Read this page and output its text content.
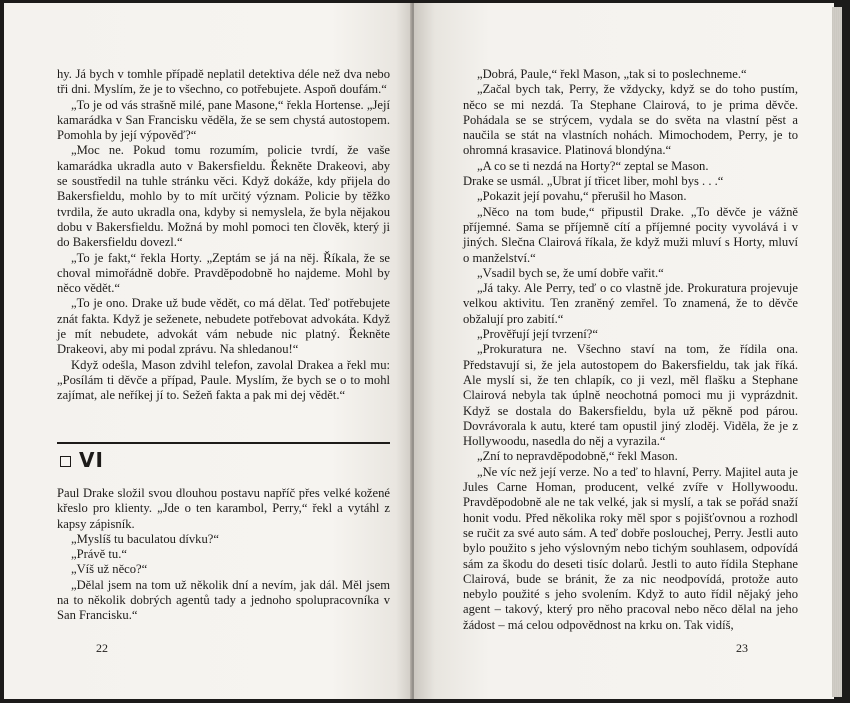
hy. Já bych v tomhle případě neplatil detektiva déle než dva nebo tři dni. Myslím, že je to všechno, co potřebujete. Aspoň doufám.“

„To je od vás strašně milé, pane Masone,“ řekla Hortense. „Její kamarádka v San Francisku věděla, že se sem chystá autostopem. Pomohla by její výpověď?“

„Moc ne. Pokud tomu rozumím, policie tvrdí, že vaše kamarádka ukradla auto v Bakersfieldu. Řekněte Drakeovi, aby se soustředil na tuhle stránku věci. Když dokáže, kdy přijela do Bakersfieldu, mohlo by to mít určitý význam. Policie by těžko tvrdila, že auto ukradla ona, kdyby si nemyslela, že byla nějakou dobu v Bakersfieldu. Možná by mohl pomoci ten člověk, který ji do Bakersfieldu dovezl.“

„To je fakt,“ řekla Horty. „Zeptám se já na něj. Říkala, že se choval mimořádně dobře. Pravděpodobně ho najdeme. Mohl by něco vědět.“

„To je ono. Drake už bude vědět, co má dělat. Teď potřebujete znát fakta. Když je seženete, nebudete potřebovat advokáta. Když je mít nebudete, advokát vám nebude nic platný. Řekněte Drakeovi, aby mi podal zprávu. Na shledanou!“

Když odešla, Mason zdvihl telefon, zavolal Drakea a řekl mu: „Posílám ti děvče a případ, Paule. Myslím, že bych se o to mohl zajímat, ale neříkej jí to. Sežeň fakta a pak mi dej vědět.“

VI

Paul Drake složil svou dlouhou postavu napříč přes velké kožené křeslo pro klienty. „Jde o ten karambol, Perry,“ řekl a vytáhl z kapsy zápisník.

„Myslíš tu baculatou dívku?“

„Právě tu.“

„Víš už něco?“

„Dělal jsem na tom už několik dní a nevím, jak dál. Měl jsem na to několik dobrých agentů tady a jednoho spolupracovníka v San Francisku.“

22

„Dobrá, Paule,“ řekl Mason, „tak si to poslechneme.“

„Začal bych tak, Perry, že vždycky, když se do toho pustím, něco se mi nezdá. Ta Stephane Clairová, to je prima děvče. Pohádala se se strýcem, vydala se do světa na vlastní pěst a naučila se stát na vlastních nohách. Mimochodem, Perry, je to ohromná krasavice. Platinová blondýna.“

„A co se ti nezdá na Horty?“ zeptal se Mason.

Drake se usmál. „Ubrat jí třicet liber, mohl bys . . .“

„Pokazit její povahu,“ přerušil ho Mason.

„Něco na tom bude,“ připustil Drake. „To děvče je vážně příjemné. Sama se příjemně cítí a příjemné pocity vyvolává i v jiných. Slečna Clairová říkala, že když muži mluví s Horty, mluví o manželství.“

„Vsadil bych se, že umí dobře vařit.“

„Já taky. Ale Perry, teď o co vlastně jde. Prokuratura projevuje velkou aktivitu. Ten zraněný zemřel. To znamená, že to děvče obžalují pro zabití.“

„Prověřují její tvrzení?“

„Prokuratura ne. Všechno staví na tom, že řídila ona. Představují si, že jela autostopem do Bakersfieldu, tak jak říká. Ale myslí si, že ten chlapík, co ji vezl, měl flašku a Stephane Clairová nebyla tak úplně neochotná pomoci mu ji vyprázdnit. Když se dostala do Bakersfieldu, byla už pěkně pod párou. Dovrávorala k autu, které tam opustil jiný zloděj. Viděla, že je z Hollywoodu, nasedla do něj a vyrazila.“

„Zní to nepravděpodobně,“ řekl Mason.

„Ne víc než její verze. No a teď to hlavní, Perry. Majitel auta je Jules Carne Homan, producent, velké zvíře v Hollywoodu. Pravděpodobně ale ne tak velké, jak si myslí, a tak se pořád snaží honit vodu. Před několika roky měl spor s pojišťovnou a rozhodl se ručit za své auto sám. A teď dobře poslouchej, Perry. Jestli auto bylo použito s jeho výslovným nebo tichým souhlasem, odpovídá sám za škodu do deseti tisíc dolarů. Jestli to auto řídila Stephane Clairová, bude se bránit, že za nic neodpovídá, protože auto nebylo použité s jeho svolením. Když to auto řídil nějaký jeho agent – takový, který pro něho pracoval nebo něco dělal na jeho žádost – má celou odpovědnost na krku on. Tak vidíš,

23
